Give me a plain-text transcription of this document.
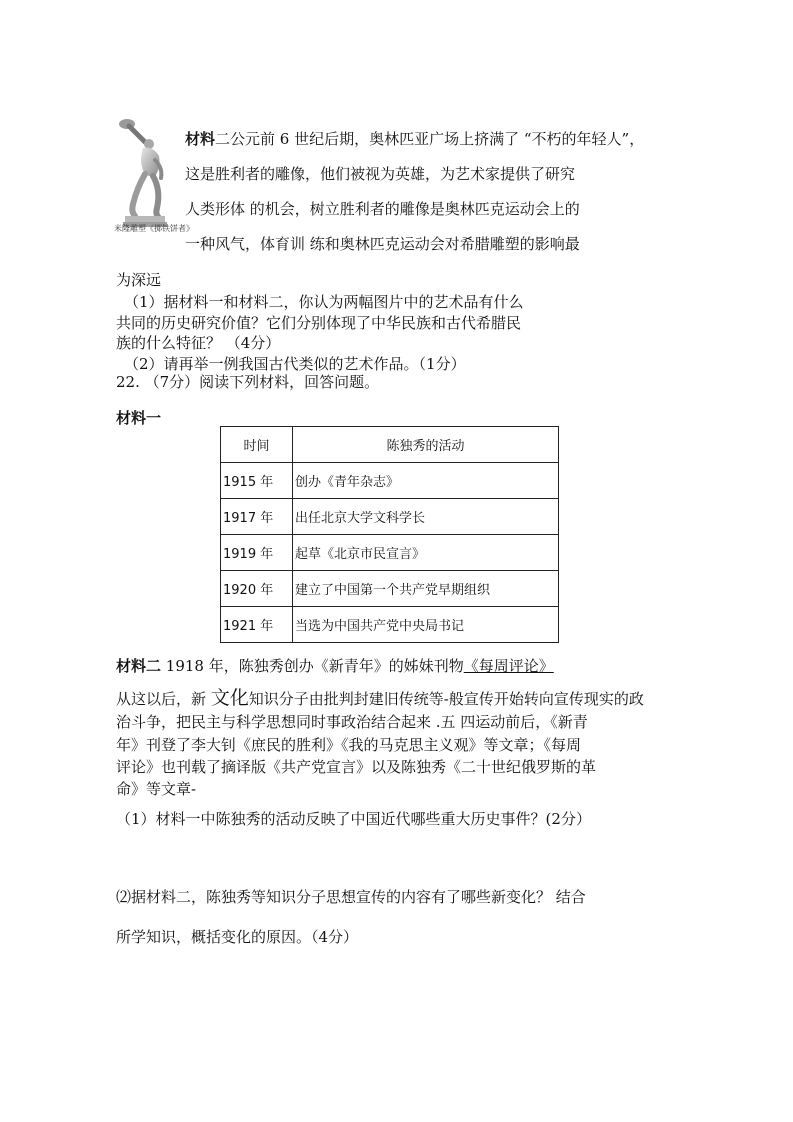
米隆雕塑《掷铁饼者》
材料二公元前 6 世纪后期，奥林匹亚广场上挤满了 “不朽的年轻人”，
这是胜利者的雕像，他们被视为英雄，为艺术家提供了研究
人类形体 的机会，树立胜利者的雕像是奥林匹克运动会上的
一种风气，体育训 练和奥林匹克运动会对希腊雕塑的影响最
为深远
（1）据材料一和材料二，你认为两幅图片中的艺术品有什么
共同的历史研究价值？它们分别体现了中华民族和古代希腊民
族的什么特征？ （4分）
（2）请再举一例我国古代类似的艺术作品。（1分）
22. （7分）阅读下列材料，回答问题。
材料一
时间	陈独秀的活动
1915 年	创办《青年杂志》
1917 年	出任北京大学文科学长
1919 年	起草《北京市民宣言》
1920 年	建立了中国第一个共产党早期组织
1921 年	当选为中国共产党中央局书记
材料二 1918 年，陈独秀创办《新青年》的姊妹刊物《每周评论》
从这以后，新 文化知识分子由批判封建旧传统等-般宣传开始转向宣传现实的政
治斗争，把民主与科学思想同时事政治结合起来 .五 四运动前后，《新青
年》刊登了李大钊《庶民的胜利》《我的马克思主义观》等文章；《每周
评论》也刊载了摘译版《共产党宣言》以及陈独秀《二十世纪俄罗斯的革
命》等文章-
（1）材料一中陈独秀的活动反映了中国近代哪些重大历史事件？(2分）
⑵据材料二，陈独秀等知识分子思想宣传的内容有了哪些新变化？ 结合
所学知识，概括变化的原因。（4分）
